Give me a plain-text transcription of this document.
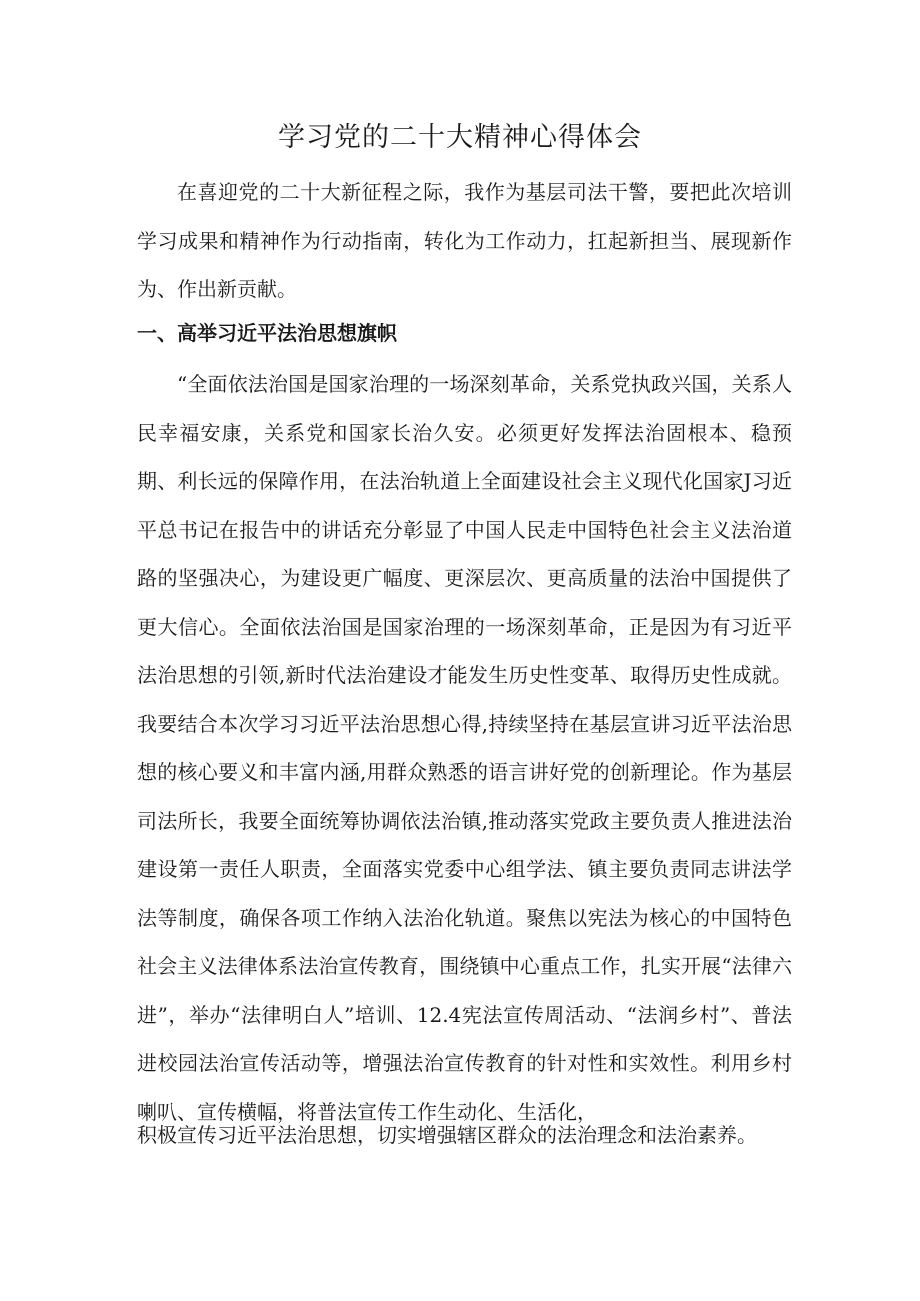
学习党的二十大精神心得体会

在喜迎党的二十大新征程之际，我作为基层司法干警，要把此次培训学习成果和精神作为行动指南，转化为工作动力，扛起新担当、展现新作为、作出新贡献。

一、高举习近平法治思想旗帜

“全面依法治国是国家治理的一场深刻革命，关系党执政兴国，关系人民幸福安康，关系党和国家长治久安。必须更好发挥法治固根本、稳预期、利长远的保障作用，在法治轨道上全面建设社会主义现代化国家J习近平总书记在报告中的讲话充分彰显了中国人民走中国特色社会主义法治道路的坚强决心，为建设更广幅度、更深层次、更高质量的法治中国提供了更大信心。全面依法治国是国家治理的一场深刻革命，正是因为有习近平法治思想的引领,新时代法治建设才能发生历史性变革、取得历史性成就。我要结合本次学习习近平法治思想心得,持续坚持在基层宣讲习近平法治思想的核心要义和丰富内涵,用群众熟悉的语言讲好党的创新理论。作为基层司法所长，我要全面统筹协调依法治镇,推动落实党政主要负责人推进法治建设第一责任人职责，全面落实党委中心组学法、镇主要负责同志讲法学法等制度，确保各项工作纳入法治化轨道。聚焦以宪法为核心的中国特色社会主义法律体系法治宣传教育，围绕镇中心重点工作，扎实开展“法律六进”，举办“法律明白人”培训、12.4宪法宣传周活动、“法润乡村”、普法进校园法治宣传活动等，增强法治宣传教育的针对性和实效性。利用乡村喇叭、宣传横幅，将普法宣传工作生动化、生活化，

积极宣传习近平法治思想，切实增强辖区群众的法治理念和法治素养。
